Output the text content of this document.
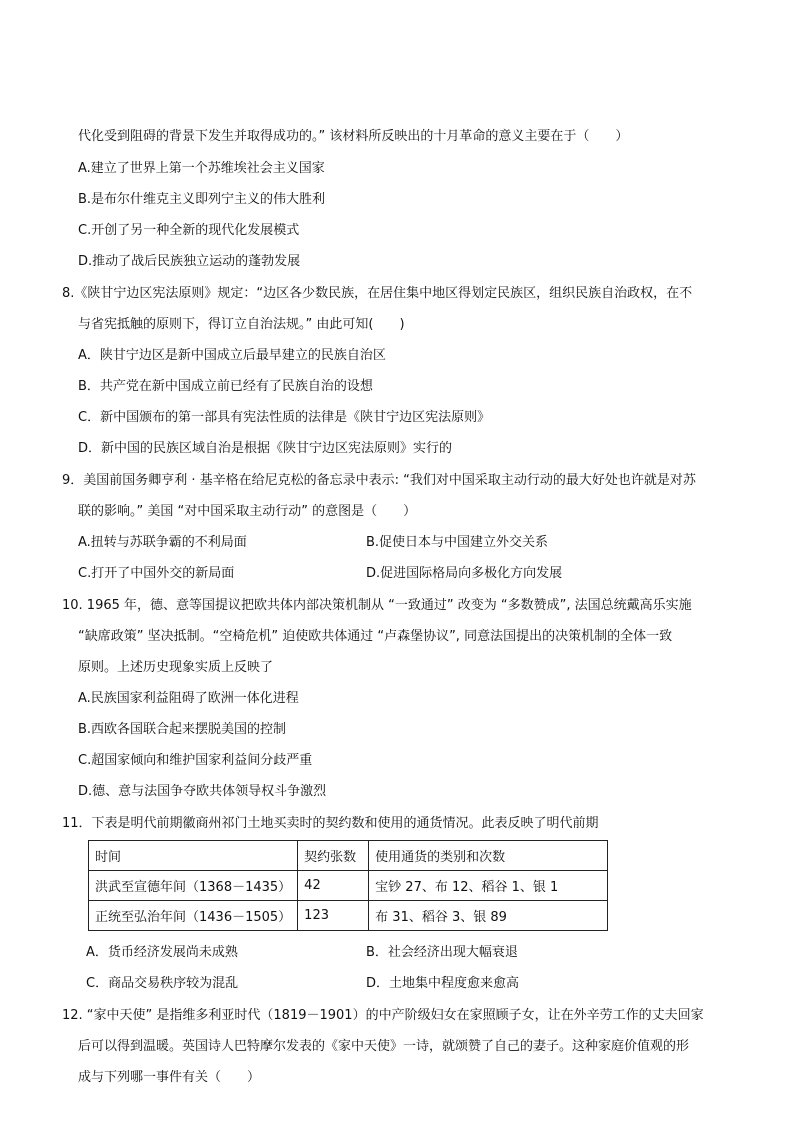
代化受到阻碍的背景下发生并取得成功的。” 该材料所反映出的十月革命的意义主要在于（　　）
A.建立了世界上第一个苏维埃社会主义国家
B.是布尔什维克主义即列宁主义的伟大胜利
C.开创了另一种全新的现代化发展模式
D.推动了战后民族独立运动的蓬勃发展
8.《陕甘宁边区宪法原则》规定：“边区各少数民族，在居住集中地区得划定民族区，组织民族自治政权，在不
与省宪抵触的原则下，得订立自治法规。” 由此可知(　　)
A．陕甘宁边区是新中国成立后最早建立的民族自治区
B．共产党在新中国成立前已经有了民族自治的设想
C．新中国颁布的第一部具有宪法性质的法律是《陕甘宁边区宪法原则》
D．新中国的民族区域自治是根据《陕甘宁边区宪法原则》实行的
9．美国前国务卿亨利 · 基辛格在给尼克松的备忘录中表示: “我们对中国采取主动行动的最大好处也许就是对苏
联的影响。” 美国 “对中国采取主动行动” 的意图是（　　）
A.扭转与苏联争霸的不利局面	B.促使日本与中国建立外交关系
C.打开了中国外交的新局面	D.促进国际格局向多极化方向发展
10. 1965 年，德、意等国提议把欧共体内部决策机制从 “一致通过” 改变为 “多数赞成”, 法国总统戴高乐实施
“缺席政策” 坚决抵制。“空椅危机” 迫使欧共体通过 “卢森堡协议”, 同意法国提出的决策机制的全体一致
原则。上述历史现象实质上反映了
A.民族国家利益阻碍了欧洲一体化进程
B.西欧各国联合起来摆脱美国的控制
C.超国家倾向和维护国家利益间分歧严重
D.德、意与法国争夺欧共体领导权斗争激烈
11．下表是明代前期徽商州祁门土地买卖时的契约数和使用的通货情况。此表反映了明代前期
时间	契约张数	使用通货的类别和次数
洪武至宣德年间（1368－1435）	42	宝钞 27、布 12、稻谷 1、银 1
正统至弘治年间（1436－1505）	123	布 31、稻谷 3、银 89
A．货币经济发展尚未成熟	B．社会经济出现大幅衰退
C．商品交易秩序较为混乱	D．土地集中程度愈来愈高
12. “家中天使” 是指维多利亚时代（1819－1901）的中产阶级妇女在家照顾子女，让在外辛劳工作的丈夫回家
后可以得到温暖。英国诗人巴特摩尔发表的《家中天使》一诗，就颂赞了自己的妻子。这种家庭价值观的形
成与下列哪一事件有关（　　）
